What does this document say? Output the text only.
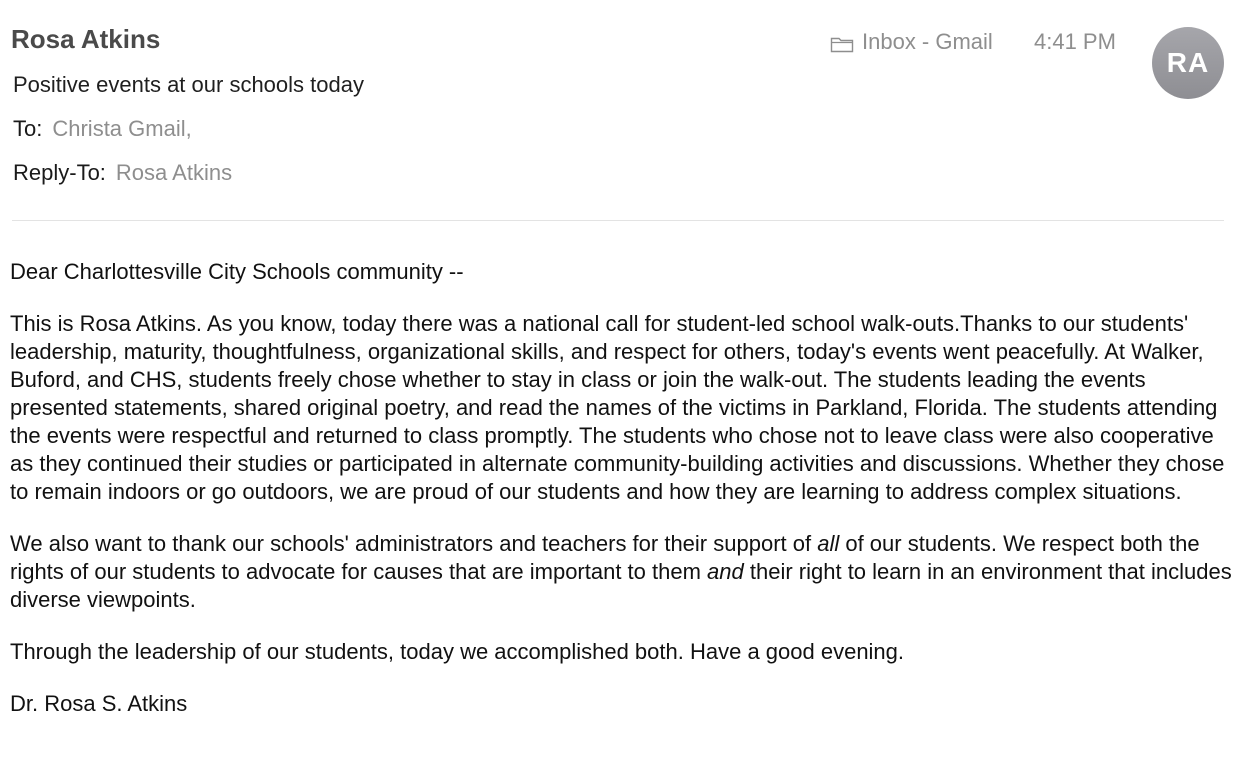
Rosa Atkins
Positive events at our schools today
To: Christa Gmail,
Reply-To: Rosa Atkins
Inbox - Gmail 4:41 PM
RA

Dear Charlottesville City Schools community --

This is Rosa Atkins. As you know, today there was a national call for student-led school walk-outs.Thanks to our students' leadership, maturity, thoughtfulness, organizational skills, and respect for others, today's events went peacefully. At Walker, Buford, and CHS, students freely chose whether to stay in class or join the walk-out. The students leading the events presented statements, shared original poetry, and read the names of the victims in Parkland, Florida. The students attending the events were respectful and returned to class promptly. The students who chose not to leave class were also cooperative as they continued their studies or participated in alternate community-building activities and discussions. Whether they chose to remain indoors or go outdoors, we are proud of our students and how they are learning to address complex situations.

We also want to thank our schools' administrators and teachers for their support of all of our students. We respect both the rights of our students to advocate for causes that are important to them and their right to learn in an environment that includes diverse viewpoints.

Through the leadership of our students, today we accomplished both. Have a good evening.

Dr. Rosa S. Atkins
